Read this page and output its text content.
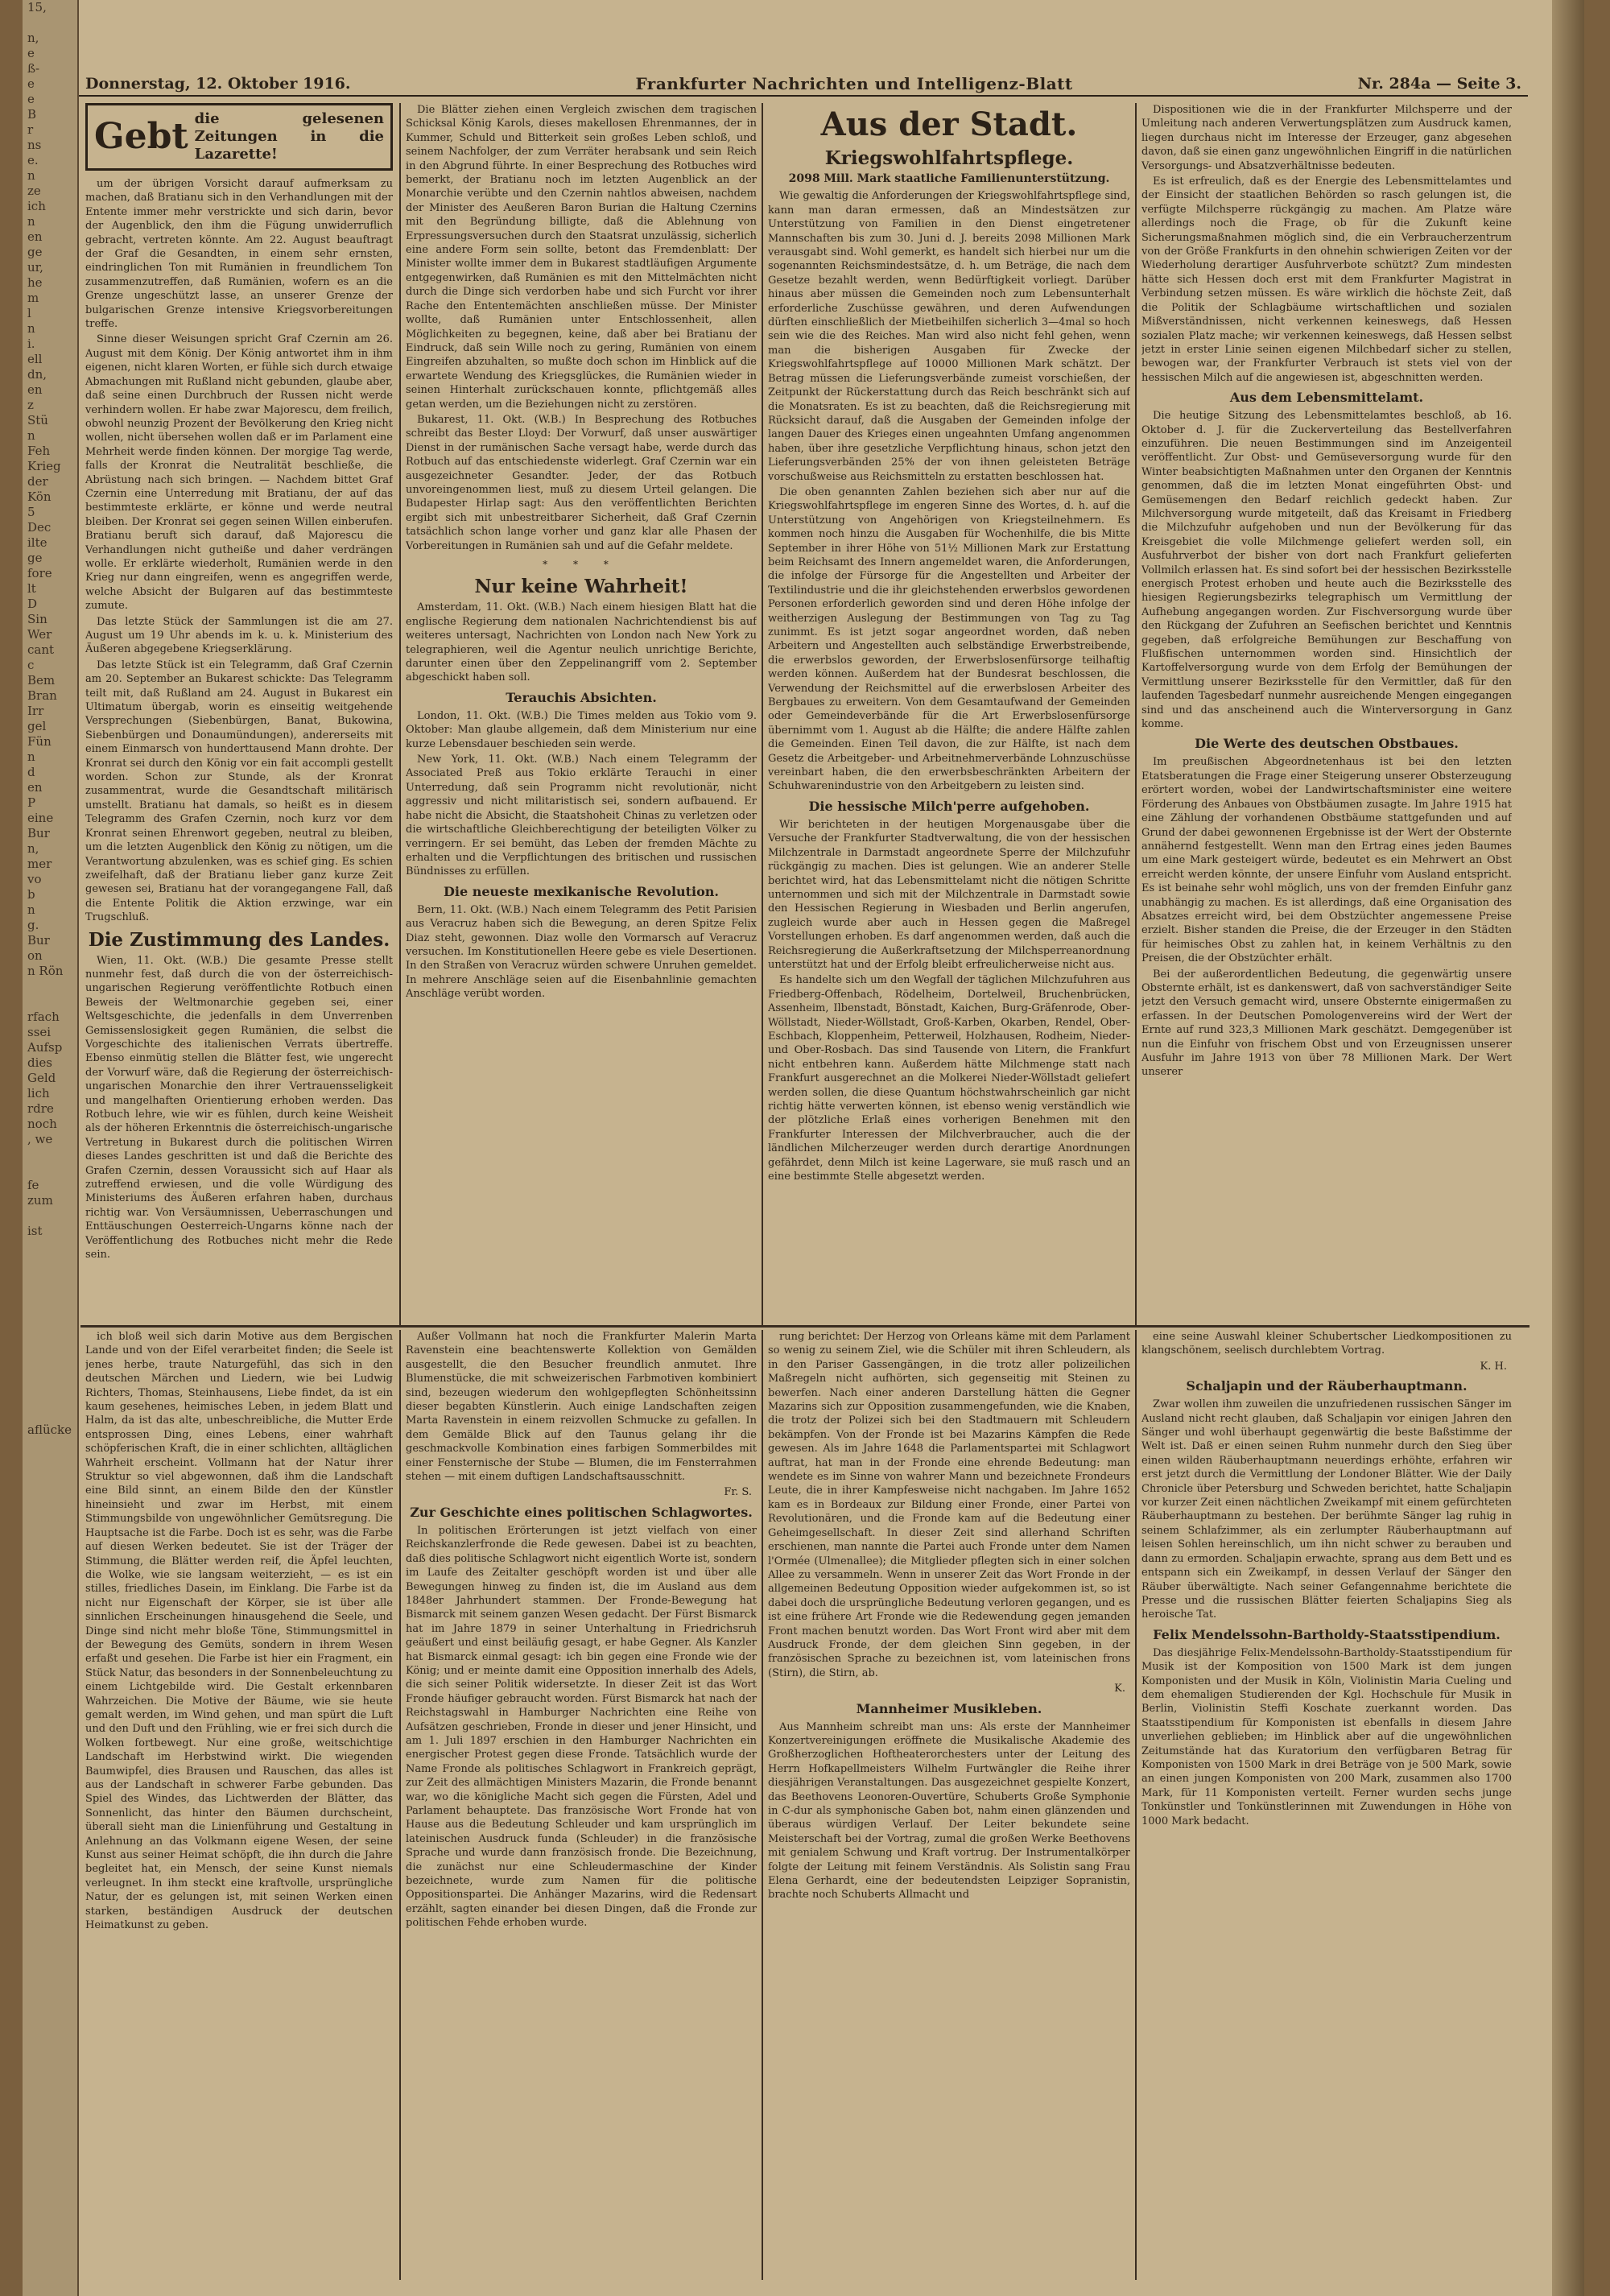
15,

n,
e
ß-
e
e
B
r
ns
e.
n
ze
ich
n
en
ge
ur,
he
m
l
n
i.
ell
dn,
en
z
Stü
n
Feh
Krieg
der
Kön
5
Dec
ilte
ge
fore
lt
D
Sin
Wer
cant
c
Bem
Bran
Irr
gel
Fün
n
d
en
P
eine
Bur
n,
mer
vo
b
n
g.
Bur
on
n Rön

rfach
ssei
Aufsp
dies
Geld
lich
rdre
noch
, we

fe
zum

ist

aflücke

Donnerstag, 12. Oktober 1916.	Frankfurter Nachrichten und Intelligenz-Blatt	Nr. 284a — Seite 3.
Gebt die gelesenen Zeitungen in die Lazarette!

um der übrigen Vorsicht darauf aufmerksam zu machen, daß Bratianu sich in den Verhandlungen mit der Entente immer mehr verstrickte und sich darin, bevor der Augenblick, den ihm die Fügung unwiderruflich gebracht, vertreten könnte. Am 22. August beauftragt der Graf die Gesandten, in einem sehr ernsten, eindringlichen Ton mit Rumänien in freundlichem Ton zusammenzutreffen, daß Rumänien, wofern es an die Grenze ungeschützt lasse, an unserer Grenze der bulgarischen Grenze intensive Kriegsvorbereitungen treffe.

Sinne dieser Weisungen spricht Graf Czernin am 26. August mit dem König. Der König antwortet ihm in ihm eigenen, nicht klaren Worten, er fühle sich durch etwaige Abmachungen mit Rußland nicht gebunden, glaube aber, daß seine einen Durchbruch der Russen nicht werde verhindern wollen. Er habe zwar Majorescu, dem freilich, obwohl neunzig Prozent der Bevölkerung den Krieg nicht wollen, nicht übersehen wollen daß er im Parlament eine Mehrheit werde finden können. Der morgige Tag werde, falls der Kronrat die Neutralität beschließe, die Abrüstung nach sich bringen. — Nachdem bittet Graf Czernin eine Unterredung mit Bratianu, der auf das bestimmteste erklärte, er könne und werde neutral bleiben. Der Kronrat sei gegen seinen Willen einberufen. Bratianu beruft sich darauf, daß Majorescu die Verhandlungen nicht gutheiße und daher verdrängen wolle. Er erklärte wiederholt, Rumänien werde in den Krieg nur dann eingreifen, wenn es angegriffen werde, welche Absicht der Bulgaren auf das bestimmteste zumute.

Das letzte Stück der Sammlungen ist die am 27. August um 19 Uhr abends im k. u. k. Ministerium des Äußeren abgegebene Kriegserklärung.

Das letzte Stück ist ein Telegramm, daß Graf Czernin am 20. September an Bukarest schickte: Das Telegramm teilt mit, daß Rußland am 24. August in Bukarest ein Ultimatum übergab, worin es einseitig weitgehende Versprechungen (Siebenbürgen, Banat, Bukowina, Siebenbürgen und Donaumündungen), andererseits mit einem Einmarsch von hunderttausend Mann drohte. Der Kronrat sei durch den König vor ein fait accompli gestellt worden. Schon zur Stunde, als der Kronrat zusammentrat, wurde die Gesandtschaft militärisch umstellt. Bratianu hat damals, so heißt es in diesem Telegramm des Grafen Czernin, noch kurz vor dem Kronrat seinen Ehrenwort gegeben, neutral zu bleiben, um die letzten Augenblick den König zu nötigen, um die Verantwortung abzulenken, was es schief ging. Es schien zweifelhaft, daß der Bratianu lieber ganz kurze Zeit gewesen sei, Bratianu hat der vorangegangene Fall, daß die Entente Politik die Aktion erzwinge, war ein Trugschluß.

Die Zustimmung des Landes.

Wien, 11. Okt. (W.B.) Die gesamte Presse stellt nunmehr fest, daß durch die von der österreichisch-ungarischen Regierung veröffentlichte Rotbuch einen Beweis der Weltmonarchie gegeben sei, einer Weltsgeschichte, die jedenfalls in dem Unverrenben Gemissenslosigkeit gegen Rumänien, die selbst die Vorgeschichte des italienischen Verrats übertreffe. Ebenso einmütig stellen die Blätter fest, wie ungerecht der Vorwurf wäre, daß die Regierung der österreichisch-ungarischen Monarchie den ihrer Vertrauensseligkeit und mangelhaften Orientierung erhoben werden. Das Rotbuch lehre, wie wir es fühlen, durch keine Weisheit als der höheren Erkenntnis die österreichisch-ungarische Vertretung in Bukarest durch die politischen Wirren dieses Landes geschritten ist und daß die Berichte des Grafen Czernin, dessen Voraussicht sich auf Haar als zutreffend erwiesen, und die volle Würdigung des Ministeriums des Äußeren erfahren haben, durchaus richtig war. Von Versäumnissen, Ueberraschungen und Enttäuschungen Oesterreich-Ungarns könne nach der Veröffentlichung des Rotbuches nicht mehr die Rede sein.

Die Blätter ziehen einen Vergleich zwischen dem tragischen Schicksal König Karols, dieses makellosen Ehrenmannes, der in Kummer, Schuld und Bitterkeit sein großes Leben schloß, und seinem Nachfolger, der zum Verräter herabsank und sein Reich in den Abgrund führte. In einer Besprechung des Rotbuches wird bemerkt, der Bratianu noch im letzten Augenblick an der Monarchie verübte und den Czernin nahtlos abweisen, nachdem der Minister des Aeußeren Baron Burian die Haltung Czernins mit den Begründung billigte, daß die Ablehnung von Erpressungsversuchen durch den Staatsrat unzulässig, sicherlich eine andere Form sein sollte, betont das Fremdenblatt: Der Minister wollte immer dem in Bukarest stadtläufigen Argumente entgegenwirken, daß Rumänien es mit den Mittelmächten nicht durch die Dinge sich verdorben habe und sich Furcht vor ihrer Rache den Ententemächten anschließen müsse. Der Minister wollte, daß Rumänien unter Entschlossenheit, allen Möglichkeiten zu begegnen, keine, daß aber bei Bratianu der Eindruck, daß sein Wille noch zu gering, Rumänien von einem Eingreifen abzuhalten, so mußte doch schon im Hinblick auf die erwartete Wendung des Kriegsglückes, die Rumänien wieder in seinen Hinterhalt zurückschauen konnte, pflichtgemäß alles getan werden, um die Beziehungen nicht zu zerstören.

Bukarest, 11. Okt. (W.B.) In Besprechung des Rotbuches schreibt das Bester Lloyd: Der Vorwurf, daß unser auswärtiger Dienst in der rumänischen Sache versagt habe, werde durch das Rotbuch auf das entschiedenste widerlegt. Graf Czernin war ein ausgezeichneter Gesandter. Jeder, der das Rotbuch unvoreingenommen liest, muß zu diesem Urteil gelangen. Die Budapester Hirlap sagt: Aus den veröffentlichten Berichten ergibt sich mit unbestreitbarer Sicherheit, daß Graf Czernin tatsächlich schon lange vorher und ganz klar alle Phasen der Vorbereitungen in Rumänien sah und auf die Gefahr meldete.

* * *
Nur keine Wahrheit!

Amsterdam, 11. Okt. (W.B.) Nach einem hiesigen Blatt hat die englische Regierung dem nationalen Nachrichtendienst bis auf weiteres untersagt, Nachrichten von London nach New York zu telegraphieren, weil die Agentur neulich unrichtige Berichte, darunter einen über den Zeppelinangriff vom 2. September abgeschickt haben soll.

Terauchis Absichten.

London, 11. Okt. (W.B.) Die Times melden aus Tokio vom 9. Oktober: Man glaube allgemein, daß dem Ministerium nur eine kurze Lebensdauer beschieden sein werde.

New York, 11. Okt. (W.B.) Nach einem Telegramm der Associated Preß aus Tokio erklärte Terauchi in einer Unterredung, daß sein Programm nicht revolutionär, nicht aggressiv und nicht militaristisch sei, sondern aufbauend. Er habe nicht die Absicht, die Staatshoheit Chinas zu verletzen oder die wirtschaftliche Gleichberechtigung der beteiligten Völker zu verringern. Er sei bemüht, das Leben der fremden Mächte zu erhalten und die Verpflichtungen des britischen und russischen Bündnisses zu erfüllen.

Die neueste mexikanische Revolution.

Bern, 11. Okt. (W.B.) Nach einem Telegramm des Petit Parisien aus Veracruz haben sich die Bewegung, an deren Spitze Felix Diaz steht, gewonnen. Diaz wolle den Vormarsch auf Veracruz versuchen. Im Konstitutionellen Heere gebe es viele Desertionen. In den Straßen von Veracruz würden schwere Unruhen gemeldet. In mehrere Anschläge seien auf die Eisenbahnlinie gemachten Anschläge verübt worden.

Aus der Stadt.
Kriegswohlfahrtspflege.
2098 Mill. Mark staatliche Familienunterstützung.

Wie gewaltig die Anforderungen der Kriegswohlfahrtspflege sind, kann man daran ermessen, daß an Mindestsätzen zur Unterstützung von Familien in den Dienst eingetretener Mannschaften bis zum 30. Juni d. J. bereits 2098 Millionen Mark verausgabt sind. Wohl gemerkt, es handelt sich hierbei nur um die sogenannten Reichsmindestsätze, d. h. um Beträge, die nach dem Gesetze bezahlt werden, wenn Bedürftigkeit vorliegt. Darüber hinaus aber müssen die Gemeinden noch zum Lebensunterhalt erforderliche Zuschüsse gewähren, und deren Aufwendungen dürften einschließlich der Mietbeihilfen sicherlich 3—4mal so hoch sein wie die des Reiches. Man wird also nicht fehl gehen, wenn man die bisherigen Ausgaben für Zwecke der Kriegswohlfahrtspflege auf 10000 Millionen Mark schätzt. Der Betrag müssen die Lieferungsverbände zumeist vorschießen, der Zeitpunkt der Rückerstattung durch das Reich beschränkt sich auf die Monatsraten. Es ist zu beachten, daß die Reichsregierung mit Rücksicht darauf, daß die Ausgaben der Gemeinden infolge der langen Dauer des Krieges einen ungeahnten Umfang angenommen haben, über ihre gesetzliche Verpflichtung hinaus, schon jetzt den Lieferungsverbänden 25% der von ihnen geleisteten Beträge vorschußweise aus Reichsmitteln zu erstatten beschlossen hat.

Die oben genannten Zahlen beziehen sich aber nur auf die Kriegswohlfahrtspflege im engeren Sinne des Wortes, d. h. auf die Unterstützung von Angehörigen von Kriegsteilnehmern. Es kommen noch hinzu die Ausgaben für Wochenhilfe, die bis Mitte September in ihrer Höhe von 51½ Millionen Mark zur Erstattung beim Reichsamt des Innern angemeldet waren, die Anforderungen, die infolge der Fürsorge für die Angestellten und Arbeiter der Textilindustrie und die ihr gleichstehenden erwerbslos gewordenen Personen erforderlich geworden sind und deren Höhe infolge der weitherzigen Auslegung der Bestimmungen von Tag zu Tag zunimmt. Es ist jetzt sogar angeordnet worden, daß neben Arbeitern und Angestellten auch selbständige Erwerbstreibende, die erwerbslos geworden, der Erwerbslosenfürsorge teilhaftig werden können. Außerdem hat der Bundesrat beschlossen, die Verwendung der Reichsmittel auf die erwerbslosen Arbeiter des Bergbaues zu erweitern. Von dem Gesamtaufwand der Gemeinden oder Gemeindeverbände für die Art Erwerbslosenfürsorge übernimmt vom 1. August ab die Hälfte; die andere Hälfte zahlen die Gemeinden. Einen Teil davon, die zur Hälfte, ist nach dem Gesetz die Arbeitgeber- und Arbeitnehmerverbände Lohnzuschüsse vereinbart haben, die den erwerbsbeschränkten Arbeitern der Schuhwarenindustrie von den Arbeitgebern zu leisten sind.

Die hessische Milch'perre aufgehoben.

Wir berichteten in der heutigen Morgenausgabe über die Versuche der Frankfurter Stadtverwaltung, die von der hessischen Milchzentrale in Darmstadt angeordnete Sperre der Milchzufuhr rückgängig zu machen. Dies ist gelungen. Wie an anderer Stelle berichtet wird, hat das Lebensmittelamt nicht die nötigen Schritte unternommen und sich mit der Milchzentrale in Darmstadt sowie den Hessischen Regierung in Wiesbaden und Berlin angerufen, zugleich wurde aber auch in Hessen gegen die Maßregel Vorstellungen erhoben. Es darf angenommen werden, daß auch die Reichsregierung die Außerkraftsetzung der Milchsperreanordnung unterstützt hat und der Erfolg bleibt erfreulicherweise nicht aus.

Es handelte sich um den Wegfall der täglichen Milchzufuhren aus Friedberg-Offenbach, Rödelheim, Dortelweil, Bruchenbrücken, Assenheim, Ilbenstadt, Bönstadt, Kaichen, Burg-Gräfenrode, Ober-Wöllstadt, Nieder-Wöllstadt, Groß-Karben, Okarben, Rendel, Ober-Eschbach, Kloppenheim, Petterweil, Holzhausen, Rodheim, Nieder- und Ober-Rosbach. Das sind Tausende von Litern, die Frankfurt nicht entbehren kann. Außerdem hätte Milchmenge statt nach Frankfurt ausgerechnet an die Molkerei Nieder-Wöllstadt geliefert werden sollen, die diese Quantum höchstwahrscheinlich gar nicht richtig hätte verwerten können, ist ebenso wenig verständlich wie der plötzliche Erlaß eines vorherigen Benehmen mit den Frankfurter Interessen der Milchverbraucher, auch die der ländlichen Milcherzeuger werden durch derartige Anordnungen gefährdet, denn Milch ist keine Lagerware, sie muß rasch und an eine bestimmte Stelle abgesetzt werden.

Dispositionen wie die in der Frankfurter Milchsperre und der Umleitung nach anderen Verwertungsplätzen zum Ausdruck kamen, liegen durchaus nicht im Interesse der Erzeuger, ganz abgesehen davon, daß sie einen ganz ungewöhnlichen Eingriff in die natürlichen Versorgungs- und Absatzverhältnisse bedeuten.

Es ist erfreulich, daß es der Energie des Lebensmittelamtes und der Einsicht der staatlichen Behörden so rasch gelungen ist, die verfügte Milchsperre rückgängig zu machen. Am Platze wäre allerdings noch die Frage, ob für die Zukunft keine Sicherungsmaßnahmen möglich sind, die ein Verbraucherzentrum von der Größe Frankfurts in den ohnehin schwierigen Zeiten vor der Wiederholung derartiger Ausfuhrverbote schützt? Zum mindesten hätte sich Hessen doch erst mit dem Frankfurter Magistrat in Verbindung setzen müssen. Es wäre wirklich die höchste Zeit, daß die Politik der Schlagbäume wirtschaftlichen und sozialen Mißverständnissen, nicht verkennen keineswegs, daß Hessen sozialen Platz mache; wir verkennen keineswegs, daß Hessen selbst jetzt in erster Linie seinen eigenen Milchbedarf sicher zu stellen, bewogen war, der Frankfurter Verbrauch ist stets viel von der hessischen Milch auf die angewiesen ist, abgeschnitten werden.

Aus dem Lebensmittelamt.

Die heutige Sitzung des Lebensmittelamtes beschloß, ab 16. Oktober d. J. für die Zuckerverteilung das Bestellverfahren einzuführen. Die neuen Bestimmungen sind im Anzeigenteil veröffentlicht. Zur Obst- und Gemüseversorgung wurde für den Winter beabsichtigten Maßnahmen unter den Organen der Kenntnis genommen, daß die im letzten Monat eingeführten Obst- und Gemüsemengen den Bedarf reichlich gedeckt haben. Zur Milchversorgung wurde mitgeteilt, daß das Kreisamt in Friedberg die Milchzufuhr aufgehoben und nun der Bevölkerung für das Kreisgebiet die volle Milchmenge geliefert werden soll, ein Ausfuhrverbot der bisher von dort nach Frankfurt gelieferten Vollmilch erlassen hat. Es sind sofort bei der hessischen Bezirksstelle energisch Protest erhoben und heute auch die Bezirksstelle des hiesigen Regierungsbezirks telegraphisch um Vermittlung der Aufhebung angegangen worden. Zur Fischversorgung wurde über den Rückgang der Zufuhren an Seefischen berichtet und Kenntnis gegeben, daß erfolgreiche Bemühungen zur Beschaffung von Flußfischen unternommen worden sind. Hinsichtlich der Kartoffelversorgung wurde von dem Erfolg der Bemühungen der Vermittlung unserer Bezirksstelle für den Vermittler, daß für den laufenden Tagesbedarf nunmehr ausreichende Mengen eingegangen sind und das anscheinend auch die Winterversorgung in Ganz komme.

Die Werte des deutschen Obstbaues.

Im preußischen Abgeordnetenhaus ist bei den letzten Etatsberatungen die Frage einer Steigerung unserer Obsterzeugung erörtert worden, wobei der Landwirtschaftsminister eine weitere Förderung des Anbaues von Obstbäumen zusagte. Im Jahre 1915 hat eine Zählung der vorhandenen Obstbäume stattgefunden und auf Grund der dabei gewonnenen Ergebnisse ist der Wert der Obsternte annähernd festgestellt. Wenn man den Ertrag eines jeden Baumes um eine Mark gesteigert würde, bedeutet es ein Mehrwert an Obst erreicht werden könnte, der unsere Einfuhr vom Ausland entspricht. Es ist beinahe sehr wohl möglich, uns von der fremden Einfuhr ganz unabhängig zu machen. Es ist allerdings, daß eine Organisation des Absatzes erreicht wird, bei dem Obstzüchter angemessene Preise erzielt. Bisher standen die Preise, die der Erzeuger in den Städten für heimisches Obst zu zahlen hat, in keinem Verhältnis zu den Preisen, die der Obstzüchter erhält.

Bei der außerordentlichen Bedeutung, die gegenwärtig unsere Obsternte erhält, ist es dankenswert, daß von sachverständiger Seite jetzt den Versuch gemacht wird, unsere Obsternte einigermaßen zu erfassen. In der Deutschen Pomologenvereins wird der Wert der Ernte auf rund 323,3 Millionen Mark geschätzt. Demgegenüber ist nun die Einfuhr von frischem Obst und von Erzeugnissen unserer Ausfuhr im Jahre 1913 von über 78 Millionen Mark. Der Wert unserer

ich bloß weil sich darin Motive aus dem Bergischen Lande und von der Eifel verarbeitet finden; die Seele ist jenes herbe, traute Naturgefühl, das sich in den deutschen Märchen und Liedern, wie bei Ludwig Richters, Thomas, Steinhausens, Liebe findet, da ist ein kaum gesehenes, heimisches Leben, in jedem Blatt und Halm, da ist das alte, unbeschreibliche, die Mutter Erde entsprossen Ding, eines Lebens, einer wahrhaft schöpferischen Kraft, die in einer schlichten, alltäglichen Wahrheit erscheint. Vollmann hat der Natur ihrer Struktur so viel abgewonnen, daß ihm die Landschaft eine Bild sinnt, an einem Bilde den der Künstler hineinsieht und zwar im Herbst, mit einem Stimmungsbilde von ungewöhnlicher Gemütsregung. Die Hauptsache ist die Farbe. Doch ist es sehr, was die Farbe auf diesen Werken bedeutet. Sie ist der Träger der Stimmung, die Blätter werden reif, die Äpfel leuchten, die Wolke, wie sie langsam weiterzieht, — es ist ein stilles, friedliches Dasein, im Einklang. Die Farbe ist da nicht nur Eigenschaft der Körper, sie ist über alle sinnlichen Erscheinungen hinausgehend die Seele, und Dinge sind nicht mehr bloße Töne, Stimmungsmittel in der Bewegung des Gemüts, sondern in ihrem Wesen erfaßt und gesehen. Die Farbe ist hier ein Fragment, ein Stück Natur, das besonders in der Sonnenbeleuchtung zu einem Lichtgebilde wird. Die Gestalt erkennbaren Wahrzeichen. Die Motive der Bäume, wie sie heute gemalt werden, im Wind gehen, und man spürt die Luft und den Duft und den Frühling, wie er frei sich durch die Wolken fortbewegt. Nur eine große, weitschichtige Landschaft im Herbstwind wirkt. Die wiegenden Baumwipfel, dies Brausen und Rauschen, das alles ist aus der Landschaft in schwerer Farbe gebunden. Das Spiel des Windes, das Lichtwerden der Blätter, das Sonnenlicht, das hinter den Bäumen durchscheint, überall sieht man die Linienführung und Gestaltung in Anlehnung an das Volkmann eigene Wesen, der seine Kunst aus seiner Heimat schöpft, die ihn durch die Jahre begleitet hat, ein Mensch, der seine Kunst niemals verleugnet. In ihm steckt eine kraftvolle, ursprüngliche Natur, der es gelungen ist, mit seinen Werken einen starken, beständigen Ausdruck der deutschen Heimatkunst zu geben.

Außer Vollmann hat noch die Frankfurter Malerin Marta Ravenstein eine beachtenswerte Kollektion von Gemälden ausgestellt, die den Besucher freundlich anmutet. Ihre Blumenstücke, die mit schweizerischen Farbmotiven kombiniert sind, bezeugen wiederum den wohlgepflegten Schönheitssinn dieser begabten Künstlerin. Auch einige Landschaften zeigen Marta Ravenstein in einem reizvollen Schmucke zu gefallen. In dem Gemälde Blick auf den Taunus gelang ihr die geschmackvolle Kombination eines farbigen Sommerbildes mit einer Fensternische der Stube — Blumen, die im Fensterrahmen stehen — mit einem duftigen Landschaftsausschnitt.

Fr. S.
Zur Geschichte eines politischen Schlagwortes.

In politischen Erörterungen ist jetzt vielfach von einer Reichskanzlerfronde die Rede gewesen. Dabei ist zu beachten, daß dies politische Schlagwort nicht eigentlich Worte ist, sondern im Laufe des Zeitalter geschöpft worden ist und über alle Bewegungen hinweg zu finden ist, die im Ausland aus dem 1848er Jahrhundert stammen. Der Fronde-Bewegung hat Bismarck mit seinem ganzen Wesen gedacht. Der Fürst Bismarck hat im Jahre 1879 in seiner Unterhaltung in Friedrichsruh geäußert und einst beiläufig gesagt, er habe Gegner. Als Kanzler hat Bismarck einmal gesagt: ich bin gegen eine Fronde wie der König; und er meinte damit eine Opposition innerhalb des Adels, die sich seiner Politik widersetzte. In dieser Zeit ist das Wort Fronde häufiger gebraucht worden. Fürst Bismarck hat nach der Reichstagswahl in Hamburger Nachrichten eine Reihe von Aufsätzen geschrieben, Fronde in dieser und jener Hinsicht, und am 1. Juli 1897 erschien in den Hamburger Nachrichten ein energischer Protest gegen diese Fronde. Tatsächlich wurde der Name Fronde als politisches Schlagwort in Frankreich geprägt, zur Zeit des allmächtigen Ministers Mazarin, die Fronde benannt war, wo die königliche Macht sich gegen die Fürsten, Adel und Parlament behauptete. Das französische Wort Fronde hat von Hause aus die Bedeutung Schleuder und kam ursprünglich im lateinischen Ausdruck funda (Schleuder) in die französische Sprache und wurde dann französisch fronde. Die Bezeichnung, die zunächst nur eine Schleudermaschine der Kinder bezeichnete, wurde zum Namen für die politische Oppositionspartei. Die Anhänger Mazarins, wird die Redensart erzählt, sagten einander bei diesen Dingen, daß die Fronde zur politischen Fehde erhoben wurde.

rung berichtet: Der Herzog von Orleans käme mit dem Parlament so wenig zu seinem Ziel, wie die Schüler mit ihren Schleudern, als in den Pariser Gassengängen, in die trotz aller polizeilichen Maßregeln nicht aufhörten, sich gegenseitig mit Steinen zu bewerfen. Nach einer anderen Darstellung hätten die Gegner Mazarins sich zur Opposition zusammengefunden, wie die Knaben, die trotz der Polizei sich bei den Stadtmauern mit Schleudern bekämpfen. Von der Fronde ist bei Mazarins Kämpfen die Rede gewesen. Als im Jahre 1648 die Parlamentspartei mit Schlagwort auftrat, hat man in der Fronde eine ehrende Bedeutung: man wendete es im Sinne von wahrer Mann und bezeichnete Frondeurs Leute, die in ihrer Kampfesweise nicht nachgaben. Im Jahre 1652 kam es in Bordeaux zur Bildung einer Fronde, einer Partei von Revolutionären, und die Fronde kam auf die Bedeutung einer Geheimgesellschaft. In dieser Zeit sind allerhand Schriften erschienen, man nannte die Partei auch Fronde unter dem Namen l'Ormée (Ulmenallee); die Mitglieder pflegten sich in einer solchen Allee zu versammeln. Wenn in unserer Zeit das Wort Fronde in der allgemeinen Bedeutung Opposition wieder aufgekommen ist, so ist dabei doch die ursprüngliche Bedeutung verloren gegangen, und es ist eine frühere Art Fronde wie die Redewendung gegen jemanden Front machen benutzt worden. Das Wort Front wird aber mit dem Ausdruck Fronde, der dem gleichen Sinn gegeben, in der französischen Sprache zu bezeichnen ist, vom lateinischen frons (Stirn), die Stirn, ab.

K.
Mannheimer Musikleben.

Aus Mannheim schreibt man uns: Als erste der Mannheimer Konzertvereinigungen eröffnete die Musikalische Akademie des Großherzoglichen Hoftheaterorchesters unter der Leitung des Herrn Hofkapellmeisters Wilhelm Furtwängler die Reihe ihrer diesjährigen Veranstaltungen. Das ausgezeichnet gespielte Konzert, das Beethovens Leonoren-Ouvertüre, Schuberts Große Symphonie in C-dur als symphonische Gaben bot, nahm einen glänzenden und überaus würdigen Verlauf. Der Leiter bekundete seine Meisterschaft bei der Vortrag, zumal die großen Werke Beethovens mit genialem Schwung und Kraft vortrug. Der Instrumentalkörper folgte der Leitung mit feinem Verständnis. Als Solistin sang Frau Elena Gerhardt, eine der bedeutendsten Leipziger Sopranistin, brachte noch Schuberts Allmacht und

eine seine Auswahl kleiner Schubertscher Liedkompositionen zu klangschönem, seelisch durchlebtem Vortrag.

K. H.
Schaljapin und der Räuberhauptmann.

Zwar wollen ihm zuweilen die unzufriedenen russischen Sänger im Ausland nicht recht glauben, daß Schaljapin vor einigen Jahren den Sänger und wohl überhaupt gegenwärtig die beste Baßstimme der Welt ist. Daß er einen seinen Ruhm nunmehr durch den Sieg über einen wilden Räuberhauptmann neuerdings erhöhte, erfahren wir erst jetzt durch die Vermittlung der Londoner Blätter. Wie der Daily Chronicle über Petersburg und Schweden berichtet, hatte Schaljapin vor kurzer Zeit einen nächtlichen Zweikampf mit einem gefürchteten Räuberhauptmann zu bestehen. Der berühmte Sänger lag ruhig in seinem Schlafzimmer, als ein zerlumpter Räuberhauptmann auf leisen Sohlen hereinschlich, um ihn nicht schwer zu berauben und dann zu ermorden. Schaljapin erwachte, sprang aus dem Bett und es entspann sich ein Zweikampf, in dessen Verlauf der Sänger den Räuber überwältigte. Nach seiner Gefangennahme berichtete die Presse und die russischen Blätter feierten Schaljapins Sieg als heroische Tat.

Felix Mendelssohn-Bartholdy-Staatsstipendium.

Das diesjährige Felix-Mendelssohn-Bartholdy-Staatsstipendium für Musik ist der Komposition von 1500 Mark ist dem jungen Komponisten und der Musik in Köln, Violinistin Maria Cueling und dem ehemaligen Studierenden der Kgl. Hochschule für Musik in Berlin, Violinistin Steffi Koschate zuerkannt worden. Das Staatsstipendium für Komponisten ist ebenfalls in diesem Jahre unverliehen geblieben; im Hinblick aber auf die ungewöhnlichen Zeitumstände hat das Kuratorium den verfügbaren Betrag für Komponisten von 1500 Mark in drei Beträge von je 500 Mark, sowie an einen jungen Komponisten von 200 Mark, zusammen also 1700 Mark, für 11 Komponisten verteilt. Ferner wurden sechs junge Tonkünstler und Tonkünstlerinnen mit Zuwendungen in Höhe von 1000 Mark bedacht.
